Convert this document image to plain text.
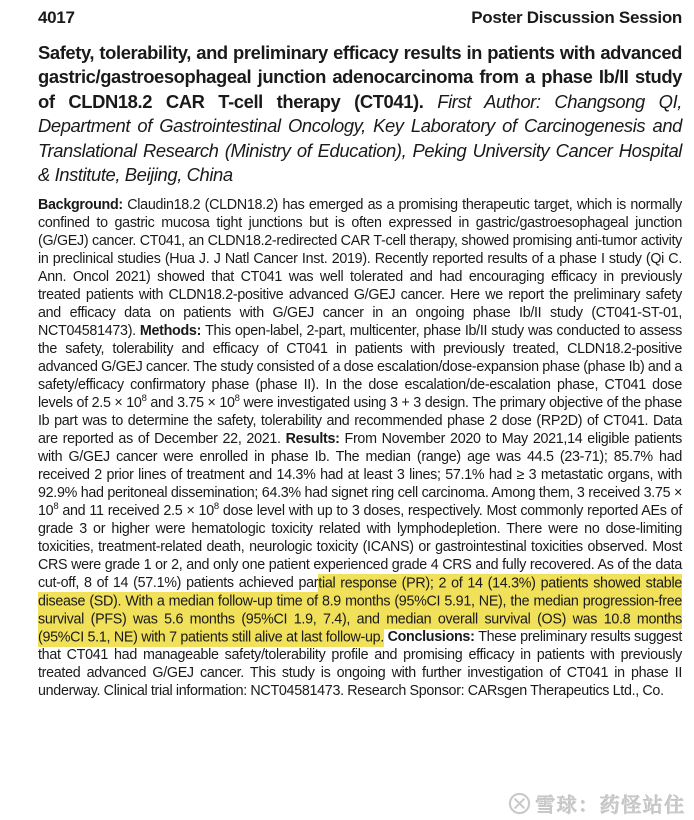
4017	Poster Discussion Session

Safety, tolerability, and preliminary efficacy results in patients with advanced gastric/gastroesophageal junction adenocarcinoma from a phase Ib/II study of CLDN18.2 CAR T-cell therapy (CT041). First Author: Changsong QI, Department of Gastrointestinal Oncology, Key Laboratory of Carcinogenesis and Translational Research (Ministry of Education), Peking University Cancer Hospital & Institute, Beijing, China

Background: Claudin18.2 (CLDN18.2) has emerged as a promising therapeutic target, which is normally confined to gastric mucosa tight junctions but is often expressed in gastric/gastroesophageal junction (G/GEJ) cancer. CT041, an CLDN18.2-redirected CAR T-cell therapy, showed promising anti-tumor activity in preclinical studies (Hua J. J Natl Cancer Inst. 2019). Recently reported results of a phase I study (Qi C. Ann. Oncol 2021) showed that CT041 was well tolerated and had encouraging efficacy in previously treated patients with CLDN18.2-positive advanced G/GEJ cancer. Here we report the preliminary safety and efficacy data on patients with G/GEJ cancer in an ongoing phase Ib/II study (CT041-ST-01, NCT04581473). Methods: This open-label, 2-part, multicenter, phase Ib/II study was conducted to assess the safety, tolerability and efficacy of CT041 in patients with previously treated, CLDN18.2-positive advanced G/GEJ cancer. The study consisted of a dose escalation/dose-expansion phase (phase Ib) and a safety/efficacy confirmatory phase (phase II). In the dose escalation/de-escalation phase, CT041 dose levels of $2.5 \times 10^8$ and $3.75 \times 10^8$ were investigated using 3 + 3 design. The primary objective of the phase Ib part was to determine the safety, tolerability and recommended phase 2 dose (RP2D) of CT041. Data are reported as of December 22, 2021. Results: From November 2020 to May 2021,14 eligible patients with G/GEJ cancer were enrolled in phase Ib. The median (range) age was 44.5 (23-71); 85.7% had received 2 prior lines of treatment and 14.3% had at least 3 lines; 57.1% had ≥ 3 metastatic organs, with 92.9% had peritoneal dissemination; 64.3% had signet ring cell carcinoma. Among them, 3 received $3.75 \times 10^8$ and 11 received $2.5 \times 10^8$ dose level with up to 3 doses, respectively. Most commonly reported AEs of grade 3 or higher were hematologic toxicity related with lymphodepletion. There were no dose-limiting toxicities, treatment-related death, neurologic toxicity (ICANS) or gastrointestinal toxicities observed. Most CRS were grade 1 or 2, and only one patient experienced grade 4 CRS and fully recovered. As of the data cut-off, 8 of 14 (57.1%) patients achieved partial response (PR); 2 of 14 (14.3%) patients showed stable disease (SD). With a median follow-up time of 8.9 months (95%CI 5.91, NE), the median progression-free survival (PFS) was 5.6 months (95%CI 1.9, 7.4), and median overall survival (OS) was 10.8 months (95%CI 5.1, NE) with 7 patients still alive at last follow-up. Conclusions: These preliminary results suggest that CT041 had manageable safety/tolerability profile and promising efficacy in patients with previously treated advanced G/GEJ cancer. This study is ongoing with further investigation of CT041 in phase II underway. Clinical trial information: NCT04581473. Research Sponsor: CARsgen Therapeutics Ltd., Co.

雪球：药怪站住
